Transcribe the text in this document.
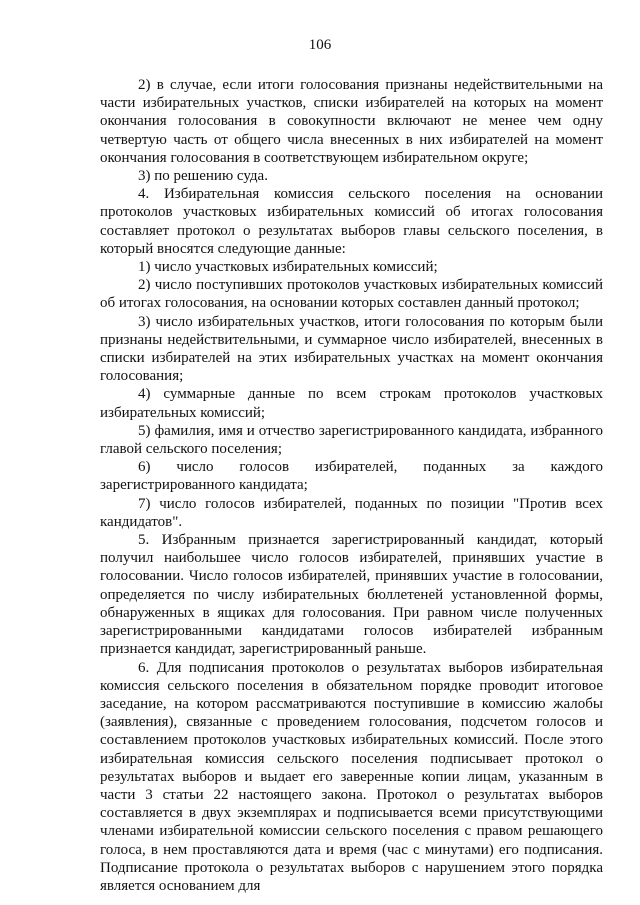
106

2) в случае, если итоги голосования признаны недействительными на части избирательных участков, списки избирателей на которых на момент окончания голосования в совокупности включают не менее чем одну четвертую часть от общего числа внесенных в них избирателей на момент окончания голосования в соответствующем избирательном округе;

3) по решению суда.

4. Избирательная комиссия сельского поселения на основании протоколов участковых избирательных комиссий об итогах голосования составляет протокол о результатах выборов главы сельского поселения, в который вносятся следующие данные:

1) число участковых избирательных комиссий;

2) число поступивших протоколов участковых избирательных комиссий об итогах голосования, на основании которых составлен данный протокол;

3) число избирательных участков, итоги голосования по которым были признаны недействительными, и суммарное число избирателей, внесенных в списки избирателей на этих избирательных участках на момент окончания голосования;

4) суммарные данные по всем строкам протоколов участковых избирательных комиссий;

5) фамилия, имя и отчество зарегистрированного кандидата, избранного главой сельского поселения;

6) число голосов избирателей, поданных за каждого зарегистрированного кандидата;

7) число голосов избирателей, поданных по позиции "Против всех кандидатов".

5. Избранным признается зарегистрированный кандидат, который получил наибольшее число голосов избирателей, принявших участие в голосовании. Число голосов избирателей, принявших участие в голосовании, определяется по числу избирательных бюллетеней установленной формы, обнаруженных в ящиках для голосования. При равном числе полученных зарегистрированными кандидатами голосов избирателей избранным признается кандидат, зарегистрированный раньше.

6. Для подписания протоколов о результатах выборов избирательная комиссия сельского поселения в обязательном порядке проводит итоговое заседание, на котором рассматриваются поступившие в комиссию жалобы (заявления), связанные с проведением голосования, подсчетом голосов и составлением протоколов участковых избирательных комиссий. После этого избирательная комиссия сельского поселения подписывает протокол о результатах выборов и выдает его заверенные копии лицам, указанным в части 3 статьи 22 настоящего закона. Протокол о результатах выборов составляется в двух экземплярах и подписывается всеми присутствующими членами избирательной комиссии сельского поселения с правом решающего голоса, в нем проставляются дата и время (час с минутами) его подписания. Подписание протокола о результатах выборов с нарушением этого порядка является основанием для
